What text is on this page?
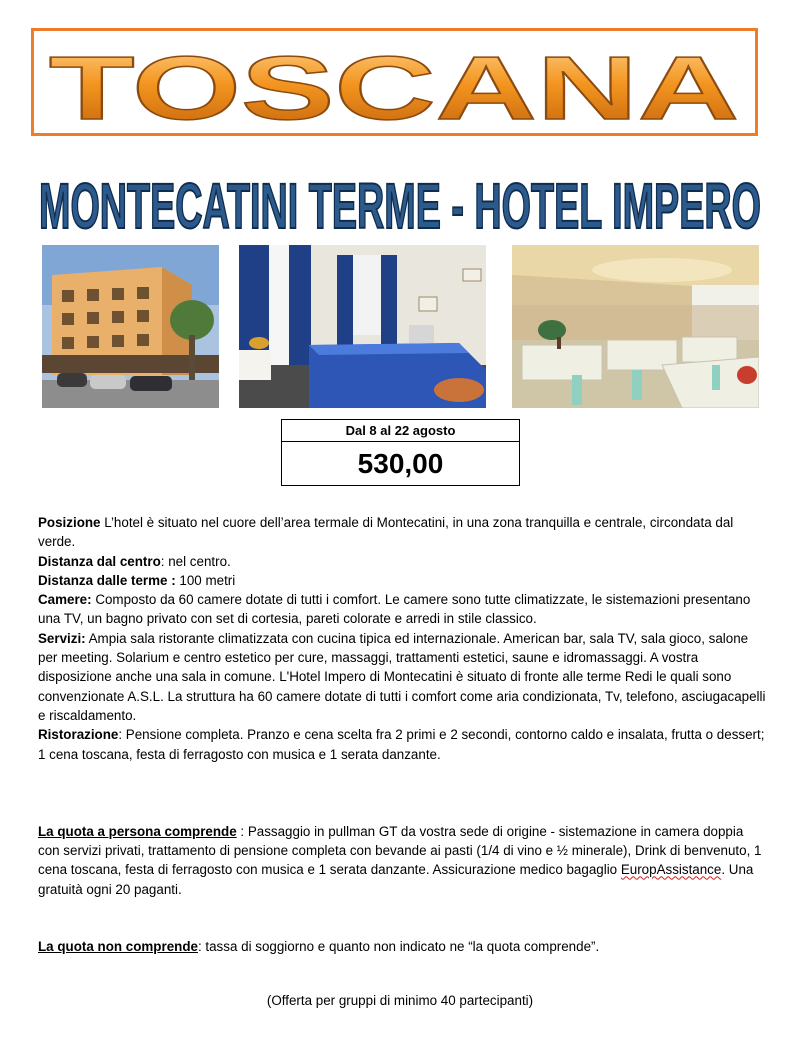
TOSCANA
MONTECATINI TERME - HOTEL IMPERO
Dal 8 al 22 agosto
530,00

Posizione L’hotel è situato nel cuore dell’area termale di Montecatini, in una zona tranquilla e centrale, circondata dal verde.

Distanza dal centro: nel centro.

Distanza dalle terme : 100 metri

Camere: Composto da 60 camere dotate di tutti i comfort. Le camere sono tutte climatizzate, le sistemazioni presentano una TV, un bagno privato con set di cortesia, pareti colorate e arredi in stile classico.

Servizi: Ampia sala ristorante climatizzata con cucina tipica ed internazionale. American bar, sala TV, sala gioco, salone per meeting. Solarium e centro estetico per cure, massaggi, trattamenti estetici, saune e idromassaggi. A vostra disposizione anche una sala in comune. L'Hotel Impero di Montecatini è situato di fronte alle terme Redi le quali sono convenzionate A.S.L. La struttura ha 60 camere dotate di tutti i comfort come aria condizionata, Tv, telefono, asciugacapelli e riscaldamento.

Ristorazione: Pensione completa. Pranzo e cena scelta fra 2 primi e 2 secondi, contorno caldo e insalata, frutta o dessert; 1 cena toscana, festa di ferragosto con musica e 1 serata danzante.

La quota a persona comprende : Passaggio in pullman GT da vostra sede di origine - sistemazione in camera doppia con servizi privati, trattamento di pensione completa con bevande ai pasti (1/4 di vino e ½ minerale), Drink di benvenuto, 1 cena toscana, festa di ferragosto con musica e 1 serata danzante. Assicurazione medico bagaglio EuropAssistance. Una gratuità ogni 20 paganti.

La quota non comprende: tassa di soggiorno e quanto non indicato ne “la quota comprende”.

(Offerta per gruppi di minimo 40 partecipanti)
